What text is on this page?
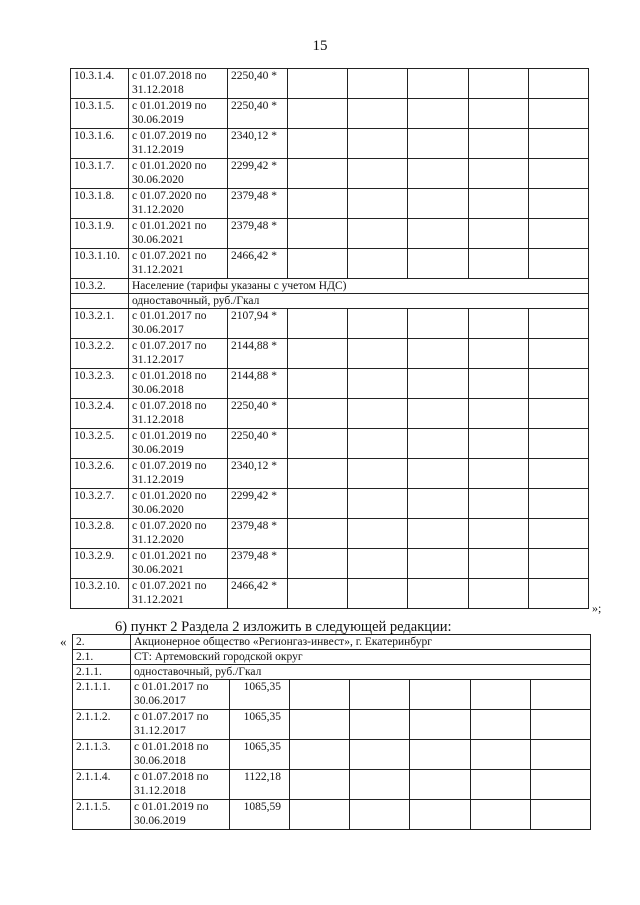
15
10.3.1.4.	с 01.07.2018 по 31.12.2018	2250,40 *					
10.3.1.5.	с 01.01.2019 по 30.06.2019	2250,40 *					
10.3.1.6.	с 01.07.2019 по 31.12.2019	2340,12 *					
10.3.1.7.	с 01.01.2020 по 30.06.2020	2299,42 *					
10.3.1.8.	с 01.07.2020 по 31.12.2020	2379,48 *					
10.3.1.9.	с 01.01.2021 по 30.06.2021	2379,48 *					
10.3.1.10.	с 01.07.2021 по 31.12.2021	2466,42 *					
10.3.2.	Население (тарифы указаны с учетом НДС)						
	одноставочный, руб./Гкал						
10.3.2.1.	с 01.01.2017 по 30.06.2017	2107,94 *					
10.3.2.2.	с 01.07.2017 по 31.12.2017	2144,88 *					
10.3.2.3.	с 01.01.2018 по 30.06.2018	2144,88 *					
10.3.2.4.	с 01.07.2018 по 31.12.2018	2250,40 *					
10.3.2.5.	с 01.01.2019 по 30.06.2019	2250,40 *					
10.3.2.6.	с 01.07.2019 по 31.12.2019	2340,12 *					
10.3.2.7.	с 01.01.2020 по 30.06.2020	2299,42 *					
10.3.2.8.	с 01.07.2020 по 31.12.2020	2379,48 *					
10.3.2.9.	с 01.01.2021 по 30.06.2021	2379,48 *					
10.3.2.10.	с 01.07.2021 по 31.12.2021	2466,42 *					
»;
6) пункт 2 Раздела 2 изложить в следующей редакции:
« 2.	Акционерное общество «Регионгаз-инвест», г. Екатеринбург						
2.1.	СТ: Артемовский городской округ						
2.1.1.	одноставочный, руб./Гкал						
2.1.1.1.	с 01.01.2017 по 30.06.2017	1065,35					
2.1.1.2.	с 01.07.2017 по 31.12.2017	1065,35					
2.1.1.3.	с 01.01.2018 по 30.06.2018	1065,35					
2.1.1.4.	с 01.07.2018 по 31.12.2018	1122,18					
2.1.1.5.	с 01.01.2019 по 30.06.2019	1085,59					
